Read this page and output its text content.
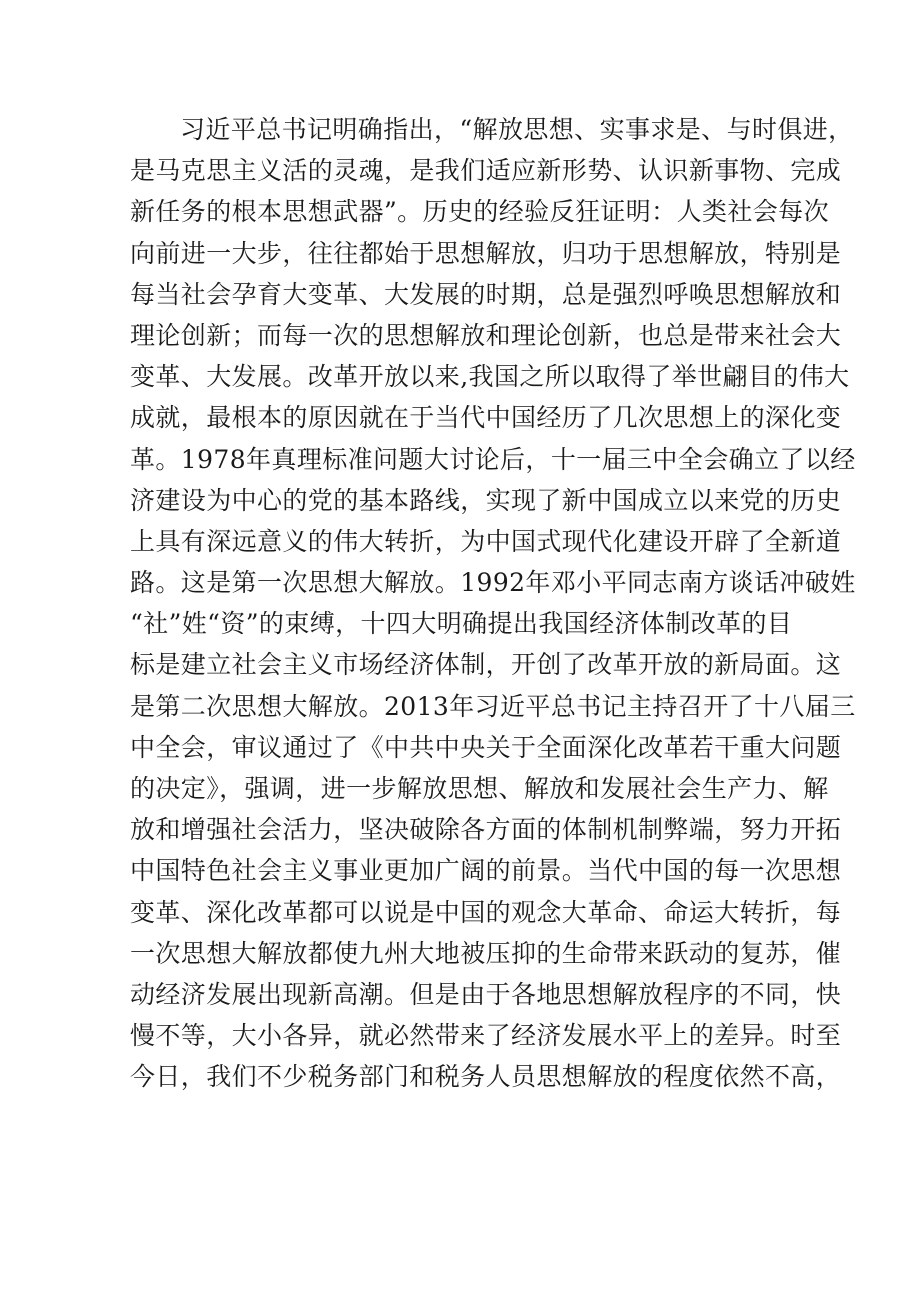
习近平总书记明确指出，“解放思想、实事求是、与时俱进，
是马克思主义活的灵魂，是我们适应新形势、认识新事物、完成
新任务的根本思想武器”。历史的经验反狂证明：人类社会每次
向前进一大步，往往都始于思想解放，归功于思想解放，特别是
每当社会孕育大变革、大发展的时期，总是强烈呼唤思想解放和
理论创新；而每一次的思想解放和理论创新，也总是带来社会大
变革、大发展。改革开放以来,我国之所以取得了举世翩目的伟大
成就，最根本的原因就在于当代中国经历了几次思想上的深化变
革。1978年真理标准问题大讨论后，十一届三中全会确立了以经
济建设为中心的党的基本路线，实现了新中国成立以来党的历史
上具有深远意义的伟大转折，为中国式现代化建设开辟了全新道
路。这是第一次思想大解放。1992年邓小平同志南方谈话冲破姓
“社”姓“资”的束缚，十四大明确提出我国经济体制改革的目
标是建立社会主义市场经济体制，开创了改革开放的新局面。这
是第二次思想大解放。2013年习近平总书记主持召开了十八届三
中全会，审议通过了《中共中央关于全面深化改革若干重大问题
的决定》，强调，进一步解放思想、解放和发展社会生产力、解
放和增强社会活力，坚决破除各方面的体制机制弊端，努力开拓
中国特色社会主义事业更加广阔的前景。当代中国的每一次思想
变革、深化改革都可以说是中国的观念大革命、命运大转折，每
一次思想大解放都使九州大地被压抑的生命带来跃动的复苏，催
动经济发展出现新高潮。但是由于各地思想解放程序的不同，快
慢不等，大小各异，就必然带来了经济发展水平上的差异。时至
今日，我们不少税务部门和税务人员思想解放的程度依然不高，
